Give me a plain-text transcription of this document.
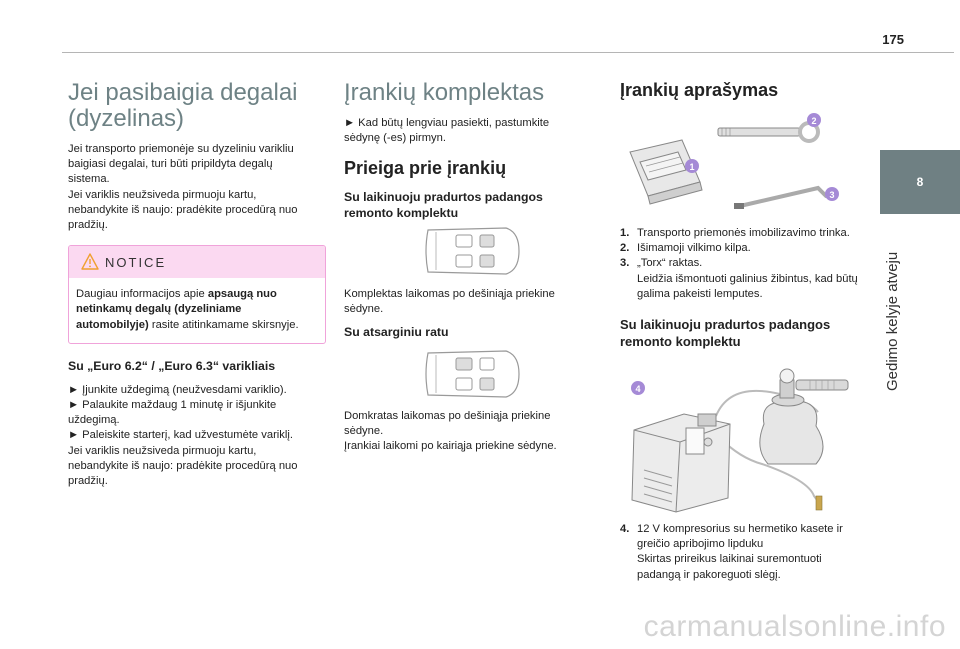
175
8
Gedimo kelyje atveju
Jei pasibaigia degalai (dyzelinas)

Jei transporto priemonėje su dyzeliniu varikliu

baigiasi degalai, turi būti pripildyta degalų

sistema.

Jei variklis neužsiveda pirmuoju kartu,

nebandykite iš naujo: pradėkite procedūrą nuo

pradžių.

NOTICE
Daugiau informacijos apie apsaugą nuo
netinkamų degalų (dyzeliniame
automobilyje) rasite atitinkamame skirsnyje.

Su „Euro 6.2“ / „Euro 6.3“ varikliais

► Įjunkite uždegimą (neužvesdami variklio).

► Palaukite maždaug 1 minutę ir išjunkite

uždegimą.

► Paleiskite starterį, kad užvestumėte variklį.

Jei variklis neužsiveda pirmuoju kartu,

nebandykite iš naujo: pradėkite procedūrą nuo

pradžių.

Įrankių komplektas

► Kad būtų lengviau pasiekti, pastumkite

sėdynę (-es) pirmyn.

Prieiga prie įrankių

Su laikinuoju pradurtos padangos

remonto komplektu

Komplektas laikomas po dešiniąja priekine

sėdyne.

Su atsarginiu ratu

Domkratas laikomas po dešiniąja priekine

sėdyne.

Įrankiai laikomi po kairiąja priekine sėdyne.

Įrankių aprašymas
1
2
3
1. Transporto priemonės imobilizavimo trinka.
2. Išimamoji vilkimo kilpa.
3. „Torx“ raktas.
Leidžia išmontuoti galinius žibintus, kad būtų
galima pakeisti lemputes.

Su laikinuoju pradurtos padangos

remonto komplektu

4
4. 12 V kompresorius su hermetiko kasete ir
greičio apribojimo lipduku
Skirtas prireikus laikinai suremontuoti
padangą ir pakoreguoti slėgį.
carmanualsonline.info
